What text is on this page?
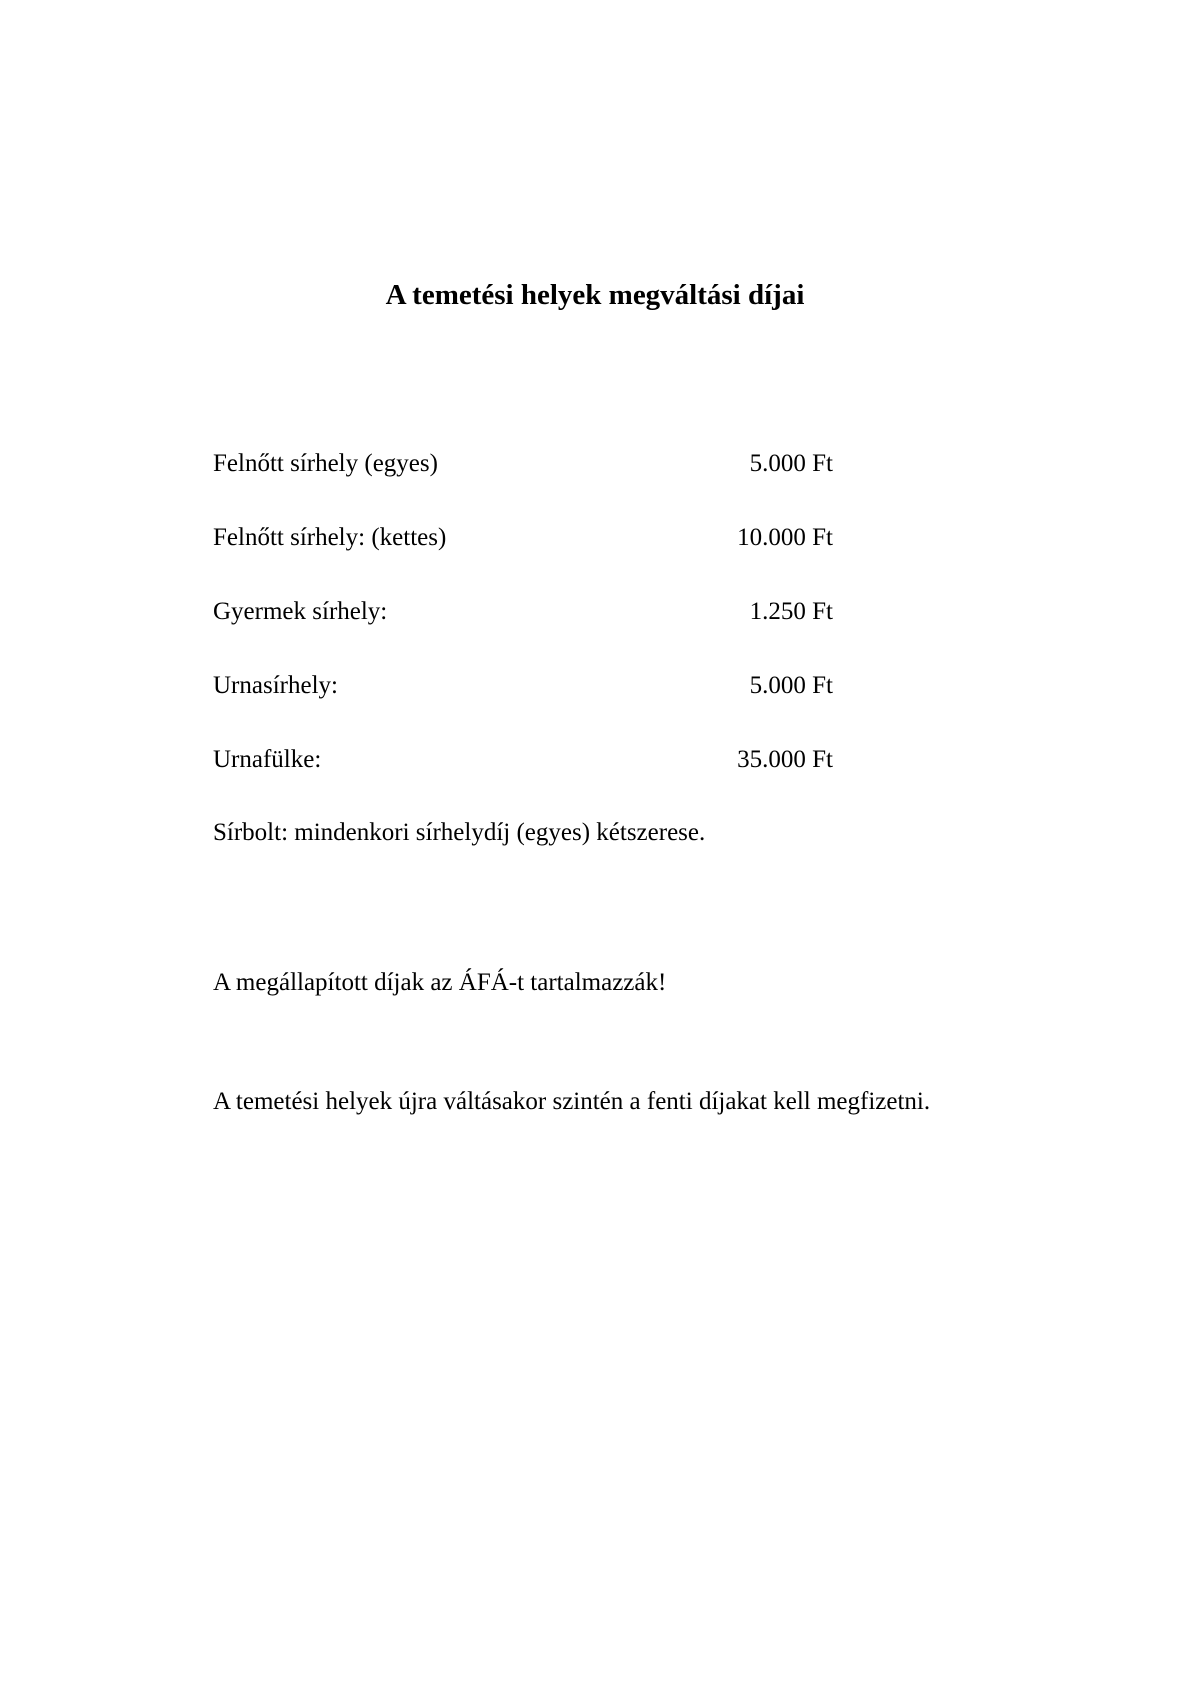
A temetési helyek megváltási díjai
Felnőtt sírhely (egyes)	5.000 Ft
Felnőtt sírhely: (kettes)	10.000 Ft
Gyermek sírhely:	1.250 Ft
Urnasírhely:	5.000 Ft
Urnafülke:	35.000 Ft

Sírbolt: mindenkori sírhelydíj (egyes) kétszerese.

A megállapított díjak az ÁFÁ-t tartalmazzák!

A temetési helyek újra váltásakor szintén a fenti díjakat kell megfizetni.
